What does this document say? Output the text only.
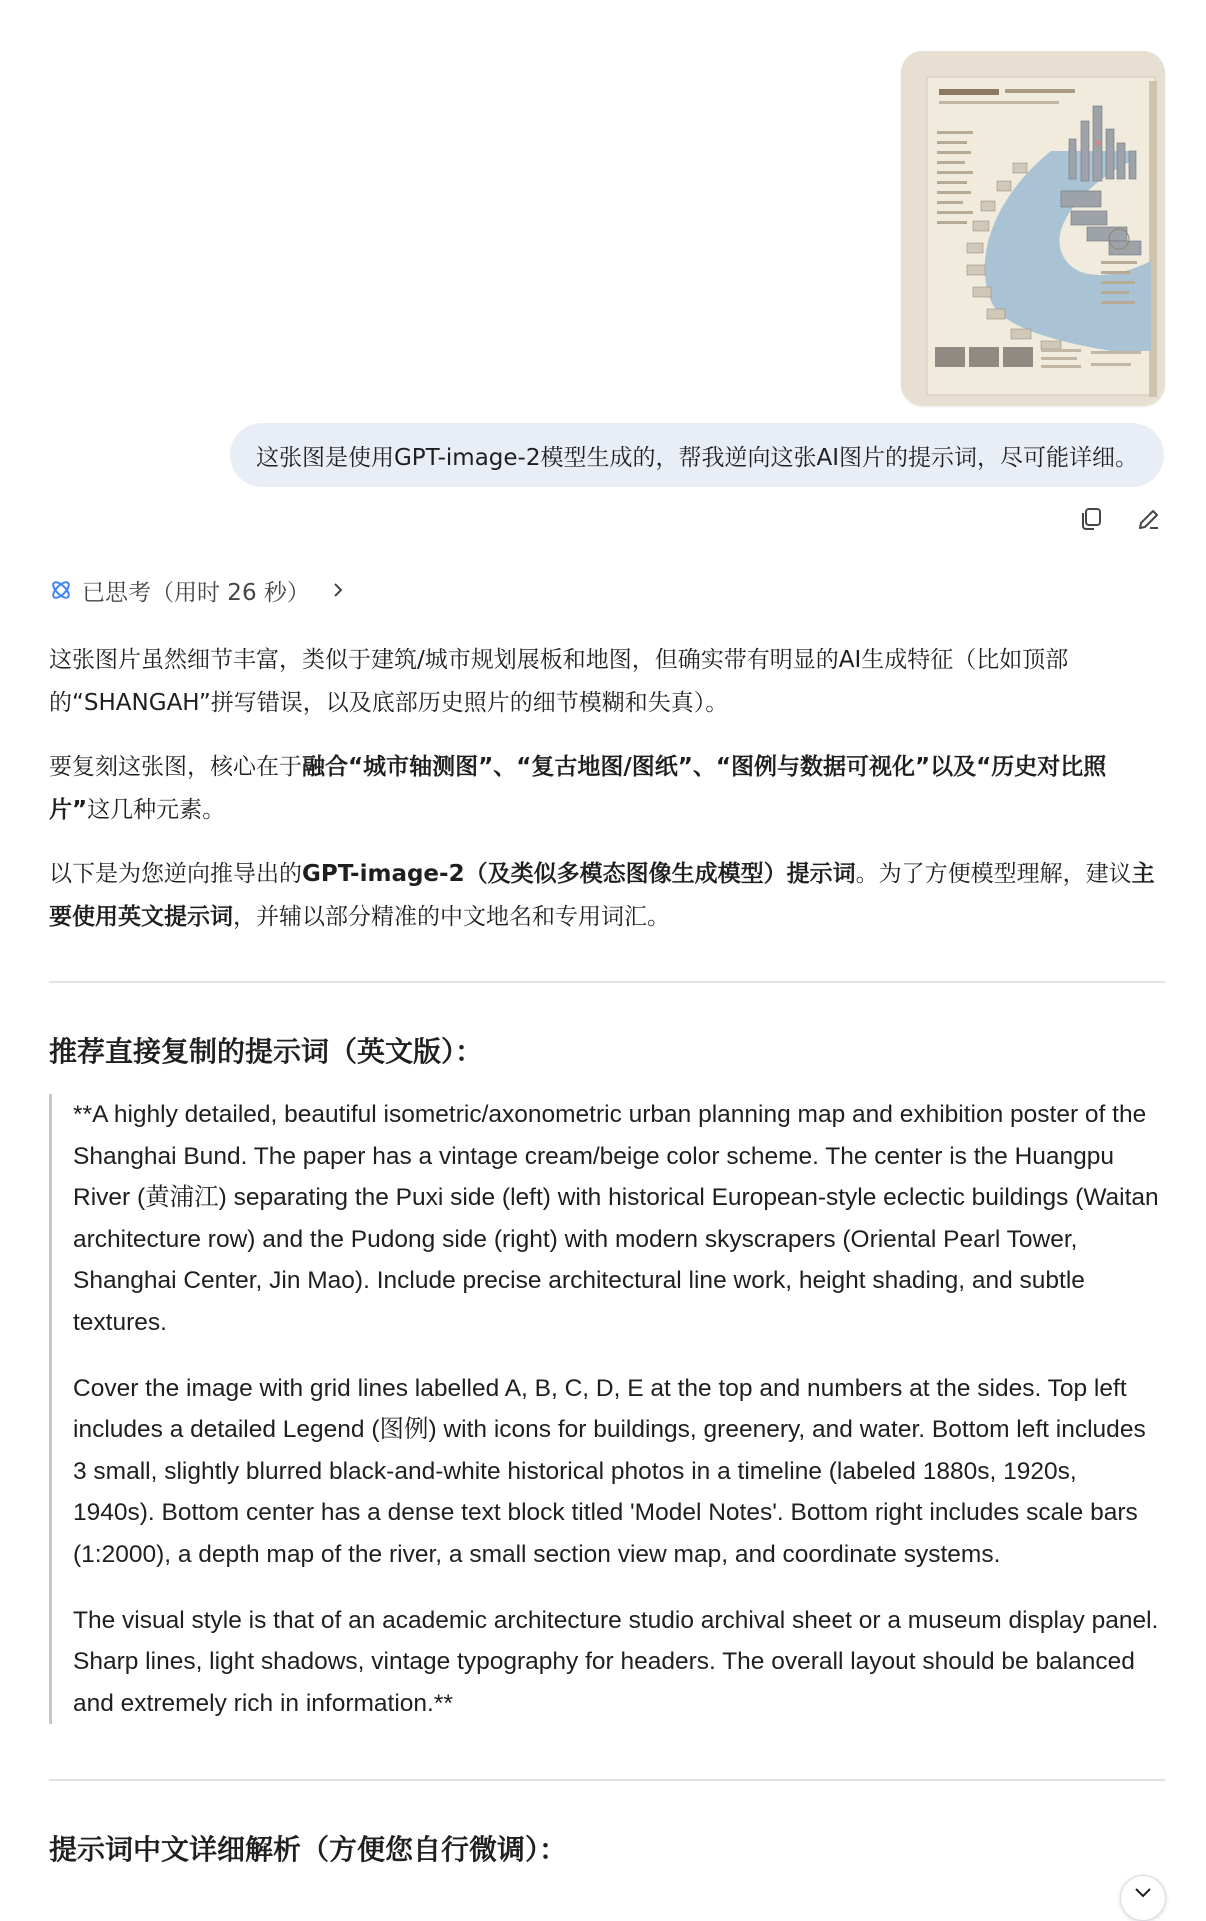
这张图是使用GPT-image-2模型生成的，帮我逆向这张AI图片的提示词，尽可能详细。
已思考（用时 26 秒）

这张图片虽然细节丰富，类似于建筑/城市规划展板和地图，但确实带有明显的AI生成特征（比如顶部的“SHANGAH”拼写错误，以及底部历史照片的细节模糊和失真）。

要复刻这张图，核心在于融合“城市轴测图”、“复古地图/图纸”、“图例与数据可视化”以及“历史对比照片”这几种元素。

以下是为您逆向推导出的GPT-image-2（及类似多模态图像生成模型）提示词。为了方便模型理解，建议主要使用英文提示词，并辅以部分精准的中文地名和专用词汇。

推荐直接复制的提示词（英文版）：

**A highly detailed, beautiful isometric/axonometric urban planning map and exhibition poster of the Shanghai Bund. The paper has a vintage cream/beige color scheme. The center is the Huangpu River (黄浦江) separating the Puxi side (left) with historical European-style eclectic buildings (Waitan architecture row) and the Pudong side (right) with modern skyscrapers (Oriental Pearl Tower, Shanghai Center, Jin Mao). Include precise architectural line work, height shading, and subtle textures.

Cover the image with grid lines labelled A, B, C, D, E at the top and numbers at the sides. Top left includes a detailed Legend (图例) with icons for buildings, greenery, and water. Bottom left includes 3 small, slightly blurred black-and-white historical photos in a timeline (labeled 1880s, 1920s, 1940s). Bottom center has a dense text block titled 'Model Notes'. Bottom right includes scale bars (1:2000), a depth map of the river, a small section view map, and coordinate systems.

The visual style is that of an academic architecture studio archival sheet or a museum display panel. Sharp lines, light shadows, vintage typography for headers. The overall layout should be balanced and extremely rich in information.**

提示词中文详细解析（方便您自行微调）：
